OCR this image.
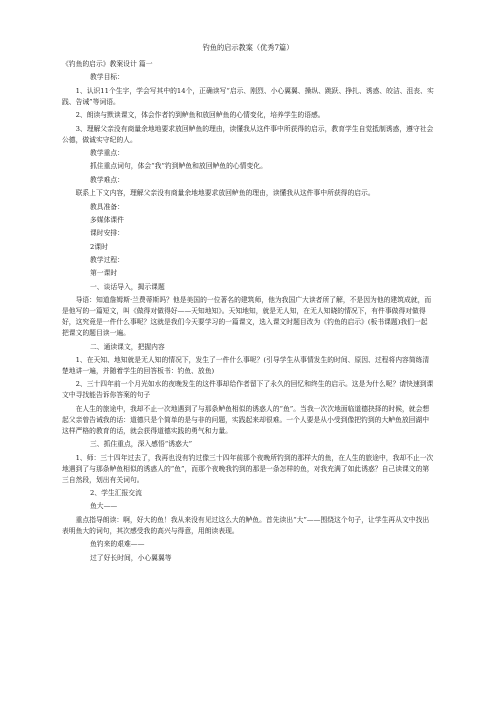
钓鱼的启示教案（优秀7篇）
《钓鱼的启示》教案设计 篇一
教学目标：
1、认识11个生字，学会写其中的14个，正确读写“启示、刚烈、小心翼翼、操纵、跳跃、挣扎、诱惑、皎洁、沮丧、实践、告诫”等词语。
2、朗读与默读课文，体会作者钓到鲈鱼和放回鲈鱼的心情变化，培养学生的语感。
3、理解父亲没有商量余地地要求放回鲈鱼的理由，读懂我从这件事中所获得的启示，教育学生自觉抵制诱惑，遵守社会公德，做诚实守纪的人。
教学重点：
抓住重点词句，体会“我”钓到鲈鱼和放回鲈鱼的心情变化。
教学难点：
联系上下文内容，理解父亲没有商量余地地要求放回鲈鱼的理由，读懂我从这件事中所获得的启示。
教具准备：
多媒体课件
课时安排：
2课时
教学过程：
第一课时
一、谈话导入，揭示课题
导语：知道詹姆斯·兰费蒂斯吗？他是美国的一位著名的建筑师，他为我国广大读者所了解，不是因为他的建筑成就，而是他写的一篇短文，叫《做得对做得好——天知地知》。天知地知，就是无人知，在无人知晓的情况下，有件事做得对做得好，这究竟是一件什么事呢？这就是我们今天要学习的一篇课文，选入课文时题目改为《钓鱼的启示》(板书课题)我们一起把课文的题目读一遍。
二、通读课文，把握内容
1、在天知、地知就是无人知的情况下，发生了一件什么事呢？(引导学生从事情发生的时间、原因、过程将内容简练清楚地讲一遍，并随着学生的回答板书：钓鱼、放鱼)
2、三十四年前一个月光如水的夜晚发生的这件事却给作者留下了永久的回忆和终生的启示。这是为什么呢？请快速到课文中寻找能告诉你答案的句子
在人生的旅途中，我却不止一次地遇到了与那条鲈鱼相似的诱惑人的“鱼”。当我一次次地面临道德抉择的时候，就会想起父亲曾告诫我的话：道德只是个简单的是与非的问题，实践起来却很难。一个人要是从小受到像把钓到的大鲈鱼放回湖中这样严格的教育的话，就会获得道德实践的勇气和力量。
三、抓住重点，深入感悟“诱惑大”
1、师：三十四年过去了，我再也没有钓过像三十四年前那个夜晚所钓到的那样大的鱼，在人生的旅途中，我却不止一次地遇到了与那条鲈鱼相似的诱惑人的“鱼”，而那个夜晚我钓到的那是一条怎样的鱼，对我充满了如此诱惑？自己读课文的第三自然段，划出有关词句。
2、学生汇报交流
鱼大——
重点指导朗读：啊，好大的鱼！我从来没有见过这么大的鲈鱼。首先读出“大”——围绕这个句子，让学生再从文中找出表明鱼大的词句，其次感受我的高兴与得意，用朗读表现。
鱼钓来的艰难——
过了好长时间，小心翼翼等
